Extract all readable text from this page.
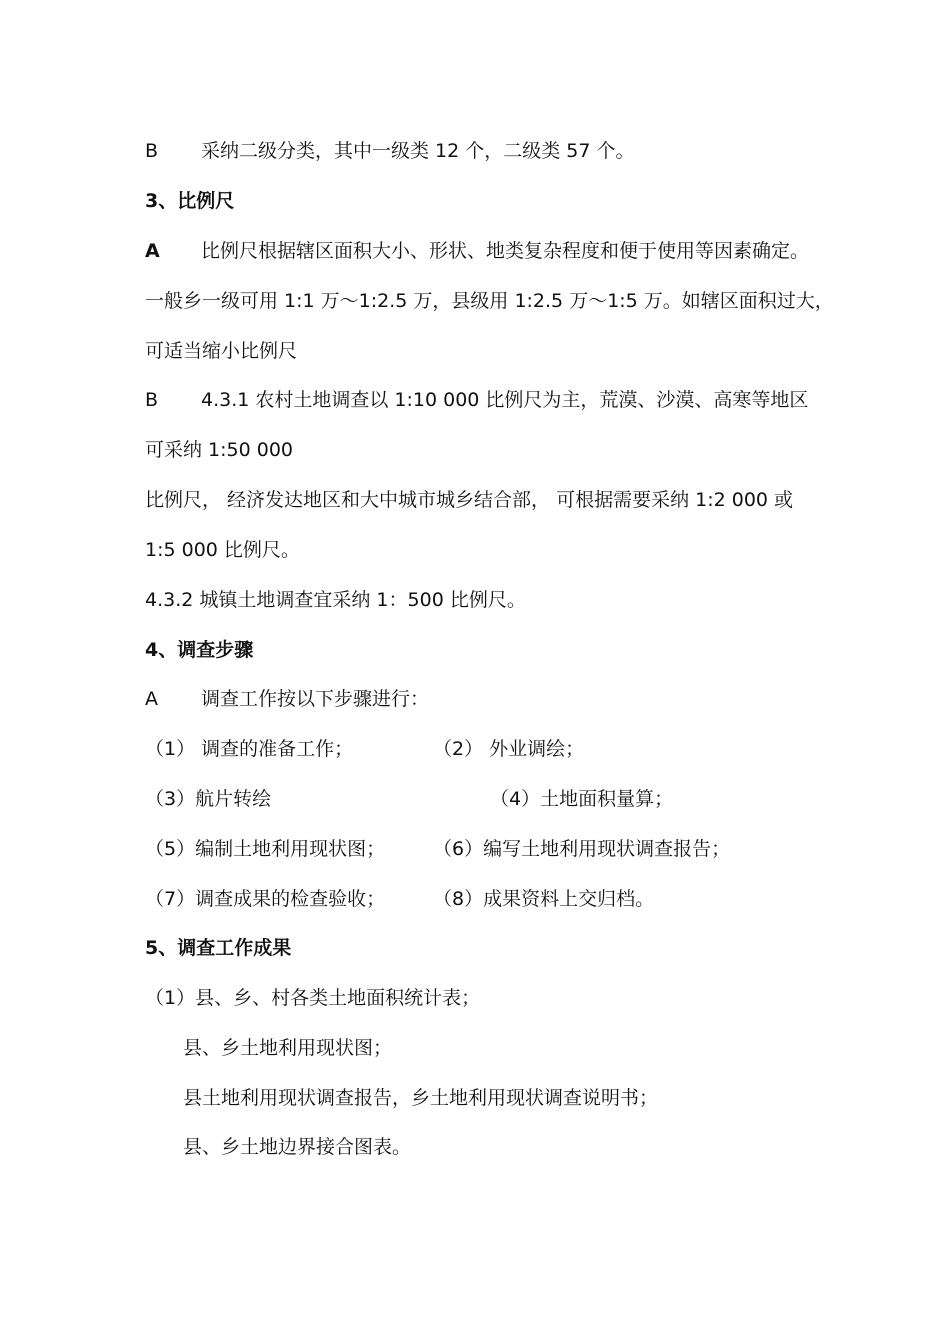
B 采纳二级分类，其中一级类 12 个，二级类 57 个。
3、比例尺
A 比例尺根据辖区面积大小、形状、地类复杂程度和便于使用等因素确定。
一般乡一级可用 1:1 万～1:2.5 万，县级用 1:2.5 万～1:5 万。如辖区面积过大，
可适当缩小比例尺
B 4.3.1 农村土地调查以 1:10 000 比例尺为主，荒漠、沙漠、高寒等地区
可采纳 1:50 000
比例尺， 经济发达地区和大中城市城乡结合部， 可根据需要采纳 1:2 000 或
1:5 000 比例尺。
4.3.2 城镇土地调查宜采纳 1：500 比例尺。
4、调查步骤
A 调查工作按以下步骤进行：
（1） 调查的准备工作；	（2） 外业调绘；
（3）航片转绘	（4）土地面积量算；
（5）编制土地利用现状图；	（6）编写土地利用现状调查报告；
（7）调查成果的检查验收；	（8）成果资料上交归档。
5、调查工作成果
（1）县、乡、村各类土地面积统计表；
县、乡土地利用现状图；
县土地利用现状调查报告，乡土地利用现状调查说明书；
县、乡土地边界接合图表。
